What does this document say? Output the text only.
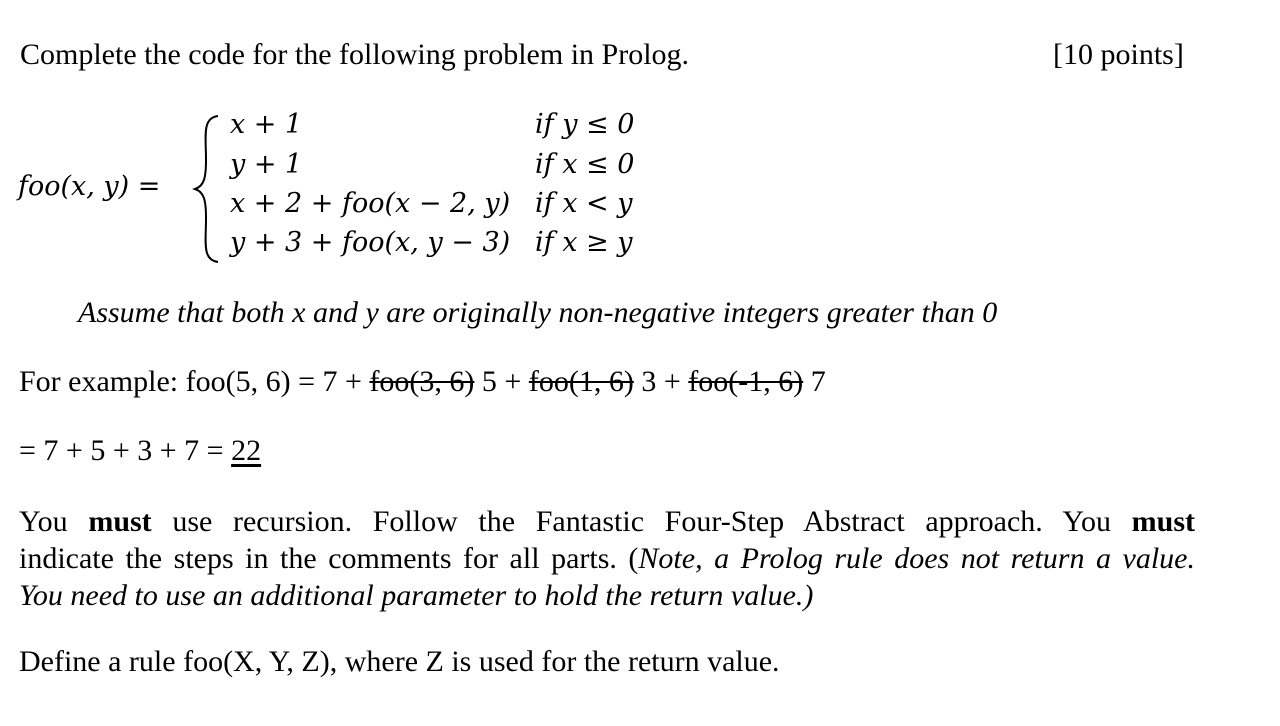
Complete the code for the following problem in Prolog.	[10 points]
foo(x, y) =
x + 1
y + 1
x + 2 + foo(x − 2, y)
y + 3 + foo(x, y − 3)
if y ≤ 0
if x ≤ 0
if x < y
if x ≥ y
Assume that both x and y are originally non-negative integers greater than 0
For example: foo(5, 6) = 7 + foo(3, 6) 5 + foo(1, 6) 3 + foo(-1, 6) 7
= 7 + 5 + 3 + 7 = 22
You must use recursion. Follow the Fantastic Four-Step Abstract approach. You must
indicate the steps in the comments for all parts. (Note, a Prolog rule does not return a value.
You need to use an additional parameter to hold the return value.)
Define a rule foo(X, Y, Z), where Z is used for the return value.
